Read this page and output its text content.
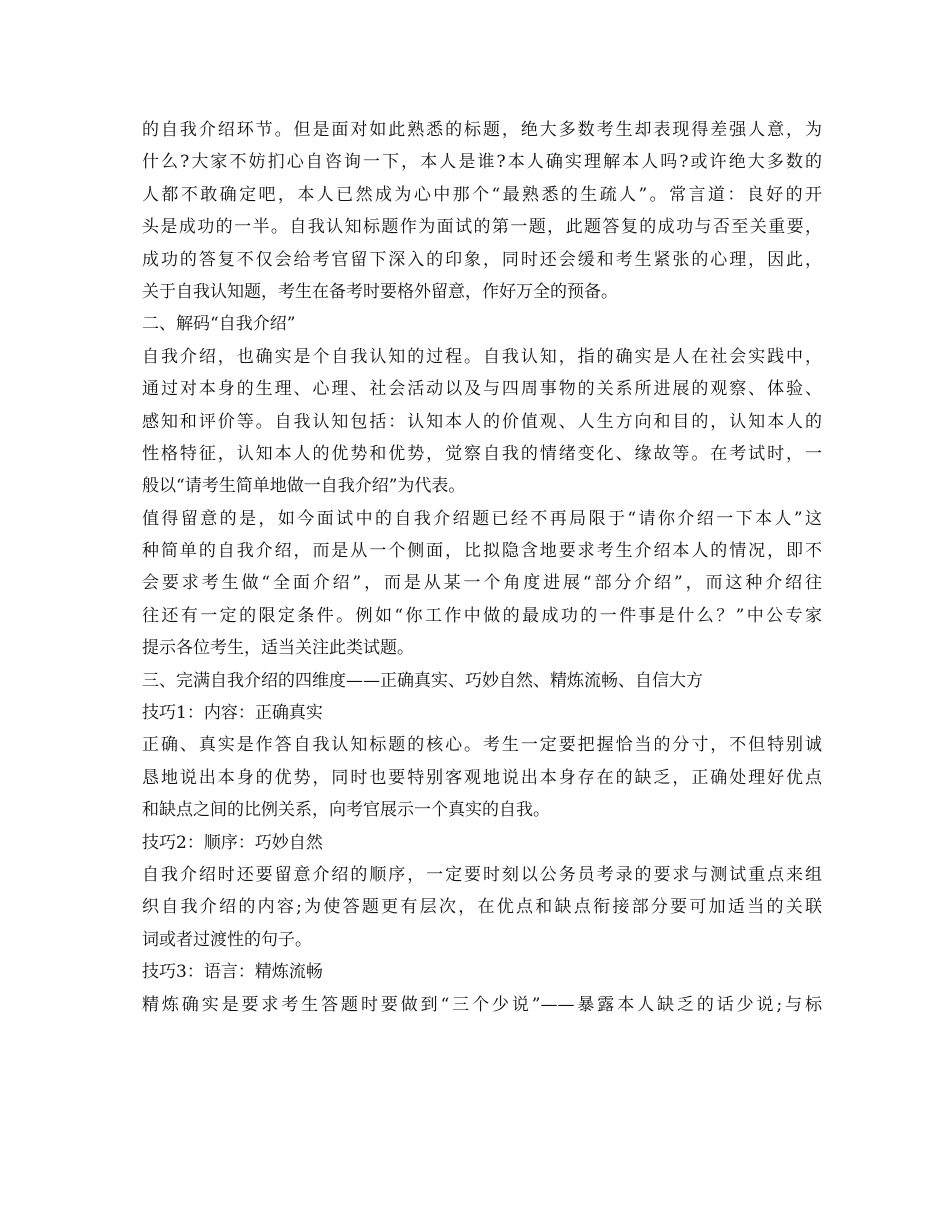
的自我介绍环节。但是面对如此熟悉的标题，绝大多数考生却表现得差强人意，为
什么?大家不妨扪心自咨询一下，本人是谁?本人确实理解本人吗?或许绝大多数的
人都不敢确定吧，本人已然成为心中那个“最熟悉的生疏人”。常言道：良好的开
头是成功的一半。自我认知标题作为面试的第一题，此题答复的成功与否至关重要，
成功的答复不仅会给考官留下深入的印象，同时还会缓和考生紧张的心理，因此，
关于自我认知题，考生在备考时要格外留意，作好万全的预备。
二、解码“自我介绍”
自我介绍，也确实是个自我认知的过程。自我认知，指的确实是人在社会实践中，
通过对本身的生理、心理、社会活动以及与四周事物的关系所进展的观察、体验、
感知和评价等。自我认知包括：认知本人的价值观、人生方向和目的，认知本人的
性格特征，认知本人的优势和优势，觉察自我的情绪变化、缘故等。在考试时，一
般以“请考生简单地做一自我介绍”为代表。
值得留意的是，如今面试中的自我介绍题已经不再局限于“请你介绍一下本人”这
种简单的自我介绍，而是从一个侧面，比拟隐含地要求考生介绍本人的情况，即不
会要求考生做“全面介绍”，而是从某一个角度进展“部分介绍”，而这种介绍往
往还有一定的限定条件。例如“你工作中做的最成功的一件事是什么？”中公专家
提示各位考生，适当关注此类试题。
三、完满自我介绍的四维度——正确真实、巧妙自然、精炼流畅、自信大方
技巧1：内容：正确真实
正确、真实是作答自我认知标题的核心。考生一定要把握恰当的分寸，不但特别诚
恳地说出本身的优势，同时也要特别客观地说出本身存在的缺乏，正确处理好优点
和缺点之间的比例关系，向考官展示一个真实的自我。
技巧2：顺序：巧妙自然
自我介绍时还要留意介绍的顺序，一定要时刻以公务员考录的要求与测试重点来组
织自我介绍的内容;为使答题更有层次，在优点和缺点衔接部分要可加适当的关联
词或者过渡性的句子。
技巧3：语言：精炼流畅
精炼确实是要求考生答题时要做到“三个少说”——暴露本人缺乏的话少说;与标
